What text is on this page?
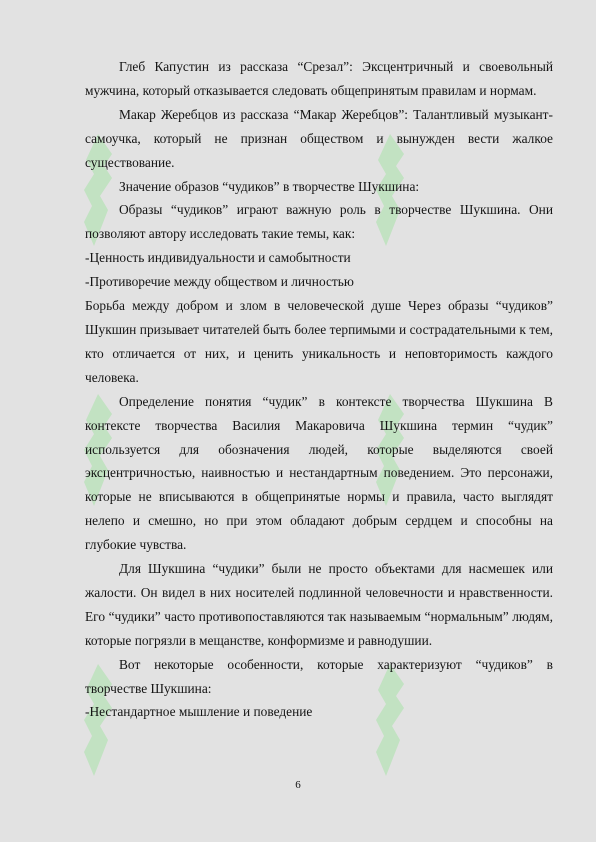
Глеб Капустин из рассказа “Срезал”: Эксцентричный и своевольный мужчина, который отказывается следовать общепринятым правилам и нормам.

Макар Жеребцов из рассказа “Макар Жеребцов”: Талантливый музыкант-самоучка, который не признан обществом и вынужден вести жалкое существование.

Значение образов “чудиков” в творчестве Шукшина:

Образы “чудиков” играют важную роль в творчестве Шукшина. Они позволяют автору исследовать такие темы, как:

-Ценность индивидуальности и самобытности

-Противоречие между обществом и личностью

Борьба между добром и злом в человеческой душе Через образы “чудиков” Шукшин призывает читателей быть более терпимыми и сострадательными к тем, кто отличается от них, и ценить уникальность и неповторимость каждого человека.

Определение понятия “чудик” в контексте творчества Шукшина В контексте творчества Василия Макаровича Шукшина термин “чудик” используется для обозначения людей, которые выделяются своей эксцентричностью, наивностью и нестандартным поведением. Это персонажи, которые не вписываются в общепринятые нормы и правила, часто выглядят нелепо и смешно, но при этом обладают добрым сердцем и способны на глубокие чувства.

Для Шукшина “чудики” были не просто объектами для насмешек или жалости. Он видел в них носителей подлинной человечности и нравственности. Его “чудики” часто противопоставляются так называемым “нормальным” людям, которые погрязли в мещанстве, конформизме и равнодушии.

Вот некоторые особенности, которые характеризуют “чудиков” в творчестве Шукшина:

-Нестандартное мышление и поведение

6
